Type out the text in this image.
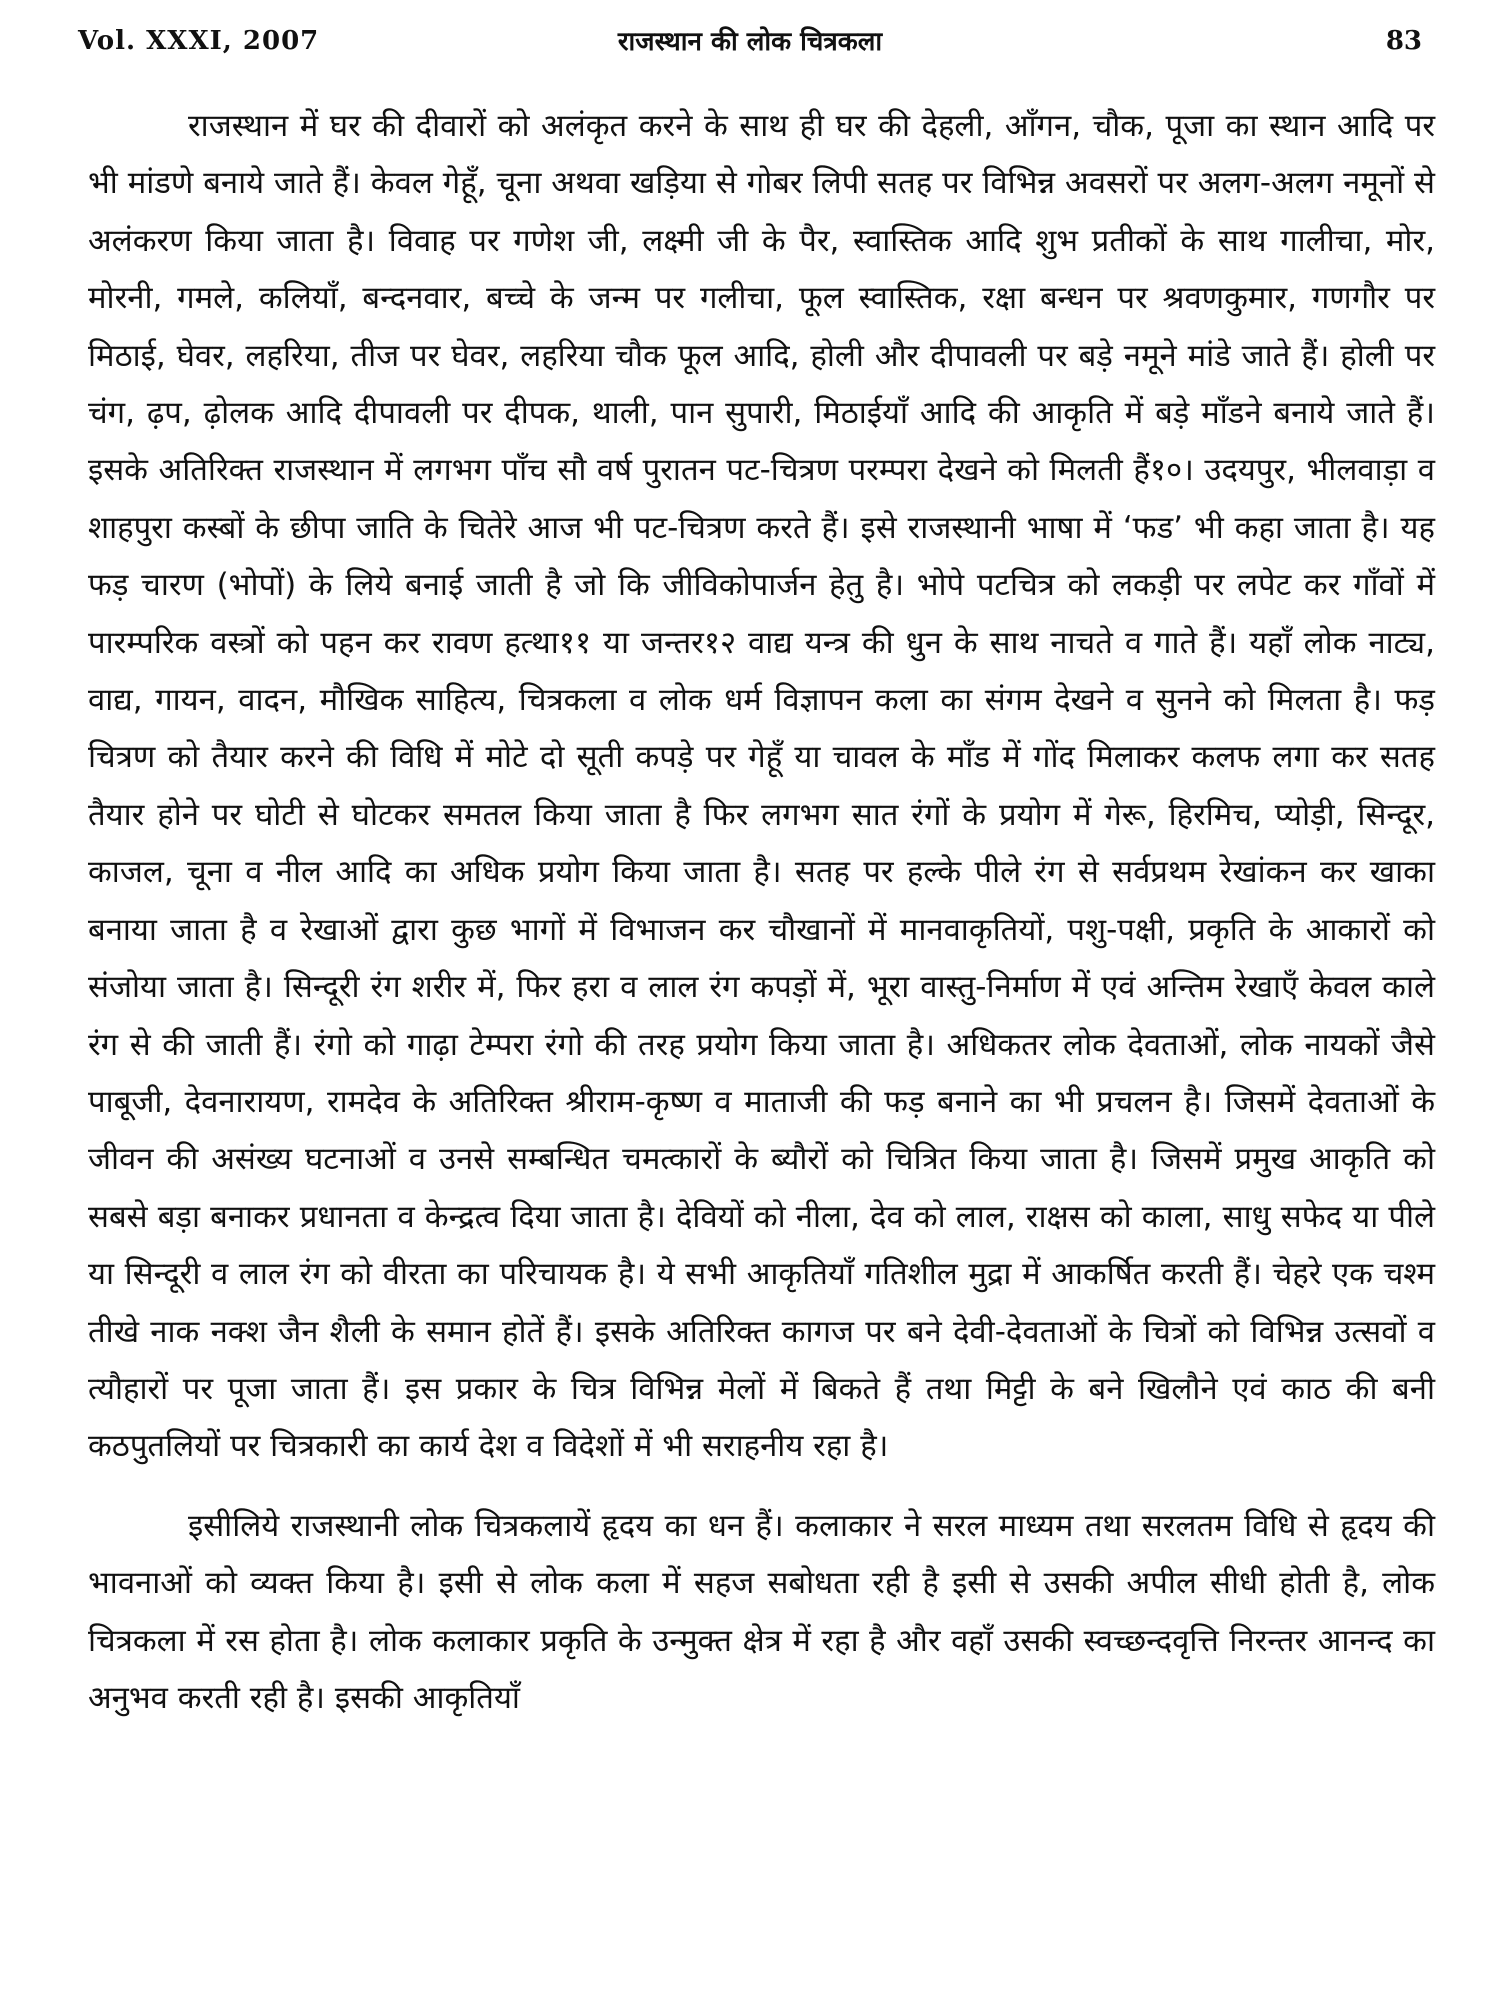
Vol. XXXI, 2007	राजस्थान की लोक चित्रकला	83

राजस्थान में घर की दीवारों को अलंकृत करने के साथ ही घर की देहली, आँगन, चौक, पूजा का स्थान आदि पर भी मांडणे बनाये जाते हैं। केवल गेहूँ, चूना अथवा खड़िया से गोबर लिपी सतह पर विभिन्न अवसरों पर अलग-अलग नमूनों से अलंकरण किया जाता है। विवाह पर गणेश जी, लक्ष्मी जी के पैर, स्वास्तिक आदि शुभ प्रतीकों के साथ गालीचा, मोर, मोरनी, गमले, कलियाँ, बन्दनवार, बच्चे के जन्म पर गलीचा, फूल स्वास्तिक, रक्षा बन्धन पर श्रवणकुमार, गणगौर पर मिठाई, घेवर, लहरिया, तीज पर घेवर, लहरिया चौक फूल आदि, होली और दीपावली पर बड़े नमूने मांडे जाते हैं। होली पर चंग, ढ़प, ढ़ोलक आदि दीपावली पर दीपक, थाली, पान सुपारी, मिठाईयाँ आदि की आकृति में बड़े माँडने बनाये जाते हैं। इसके अतिरिक्त राजस्थान में लगभग पाँच सौ वर्ष पुरातन पट-चित्रण परम्परा देखने को मिलती हैं१०। उदयपुर, भीलवाड़ा व शाहपुरा कस्बों के छीपा जाति के चितेरे आज भी पट-चित्रण करते हैं। इसे राजस्थानी भाषा में ‘फड’ भी कहा जाता है। यह फड़ चारण (भोपों) के लिये बनाई जाती है जो कि जीविकोपार्जन हेतु है। भोपे पटचित्र को लकड़ी पर लपेट कर गाँवों में पारम्परिक वस्त्रों को पहन कर रावण हत्था११ या जन्तर१२ वाद्य यन्त्र की धुन के साथ नाचते व गाते हैं। यहाँ लोक नाट्य, वाद्य, गायन, वादन, मौखिक साहित्य, चित्रकला व लोक धर्म विज्ञापन कला का संगम देखने व सुनने को मिलता है। फड़ चित्रण को तैयार करने की विधि में मोटे दो सूती कपड़े पर गेहूँ या चावल के माँड में गोंद मिलाकर कलफ लगा कर सतह तैयार होने पर घोटी से घोटकर समतल किया जाता है फिर लगभग सात रंगों के प्रयोग में गेरू, हिरमिच, प्योड़ी, सिन्दूर, काजल, चूना व नील आदि का अधिक प्रयोग किया जाता है। सतह पर हल्के पीले रंग से सर्वप्रथम रेखांकन कर खाका बनाया जाता है व रेखाओं द्वारा कुछ भागों में विभाजन कर चौखानों में मानवाकृतियों, पशु-पक्षी, प्रकृति के आकारों को संजोया जाता है। सिन्दूरी रंग शरीर में, फिर हरा व लाल रंग कपड़ों में, भूरा वास्तु-निर्माण में एवं अन्तिम रेखाएँ केवल काले रंग से की जाती हैं। रंगो को गाढ़ा टेम्परा रंगो की तरह प्रयोग किया जाता है। अधिकतर लोक देवताओं, लोक नायकों जैसे पाबूजी, देवनारायण, रामदेव के अतिरिक्त श्रीराम-कृष्ण व माताजी की फड़ बनाने का भी प्रचलन है। जिसमें देवताओं के जीवन की असंख्य घटनाओं व उनसे सम्बन्धित चमत्कारों के ब्यौरों को चित्रित किया जाता है। जिसमें प्रमुख आकृति को सबसे बड़ा बनाकर प्रधानता व केन्द्रत्व दिया जाता है। देवियों को नीला, देव को लाल, राक्षस को काला, साधु सफेद या पीले या सिन्दूरी व लाल रंग को वीरता का परिचायक है। ये सभी आकृतियाँ गतिशील मुद्रा में आकर्षित करती हैं। चेहरे एक चश्म तीखे नाक नक्श जैन शैली के समान होतें हैं। इसके अतिरिक्त कागज पर बने देवी-देवताओं के चित्रों को विभिन्न उत्सवों व त्यौहारों पर पूजा जाता हैं। इस प्रकार के चित्र विभिन्न मेलों में बिकते हैं तथा मिट्टी के बने खिलौने एवं काठ की बनी कठपुतलियों पर चित्रकारी का कार्य देश व विदेशों में भी सराहनीय रहा है।

इसीलिये राजस्थानी लोक चित्रकलायें हृदय का धन हैं। कलाकार ने सरल माध्यम तथा सरलतम विधि से हृदय की भावनाओं को व्यक्त किया है। इसी से लोक कला में सहज सबोधता रही है इसी से उसकी अपील सीधी होती है, लोक चित्रकला में रस होता है। लोक कलाकार प्रकृति के उन्मुक्त क्षेत्र में रहा है और वहाँ उसकी स्वच्छन्दवृत्ति निरन्तर आनन्द का अनुभव करती रही है। इसकी आकृतियाँ
